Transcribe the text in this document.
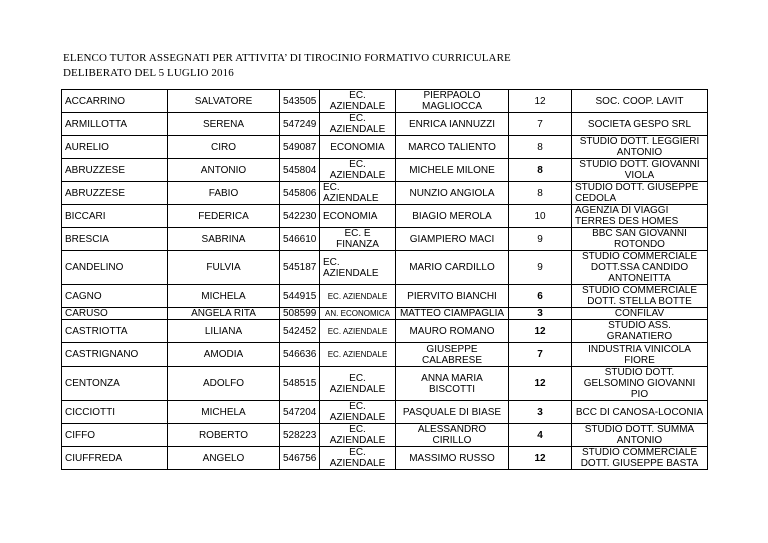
ELENCO TUTOR ASSEGNATI PER ATTIVITA’ DI TIROCINIO FORMATIVO CURRICULARE
DELIBERATO DEL 5 LUGLIO 2016
ACCARRINO	SALVATORE	543505	EC. AZIENDALE	PIERPAOLO MAGLIOCCA	12	SOC. COOP. LAVIT
ARMILLOTTA	SERENA	547249	EC. AZIENDALE	ENRICA IANNUZZI	7	SOCIETA GESPO SRL
AURELIO	CIRO	549087	ECONOMIA	MARCO TALIENTO	8	STUDIO DOTT. LEGGIERI ANTONIO
ABRUZZESE	ANTONIO	545804	EC. AZIENDALE	MICHELE MILONE	8	STUDIO DOTT. GIOVANNI VIOLA
ABRUZZESE	FABIO	545806	EC. AZIENDALE	NUNZIO ANGIOLA	8	STUDIO DOTT. GIUSEPPE CEDOLA
BICCARI	FEDERICA	542230	ECONOMIA	BIAGIO MEROLA	10	AGENZIA DI VIAGGI TERRES DES HOMES
BRESCIA	SABRINA	546610	EC. E FINANZA	GIAMPIERO MACI	9	BBC SAN GIOVANNI ROTONDO
CANDELINO	FULVIA	545187	EC. AZIENDALE	MARIO CARDILLO	9	STUDIO COMMERCIALE DOTT.SSA CANDIDO ANTONEITTA
CAGNO	MICHELA	544915	EC. AZIENDALE	PIERVITO BIANCHI	6	STUDIO COMMERCIALE DOTT. STELLA BOTTE
CARUSO	ANGELA RITA	508599	AN. ECONOMICA	MATTEO CIAMPAGLIA	3	CONFILAV
CASTRIOTTA	LILIANA	542452	EC. AZIENDALE	MAURO ROMANO	12	STUDIO ASS. GRANATIERO
CASTRIGNANO	AMODIA	546636	EC. AZIENDALE	GIUSEPPE CALABRESE	7	INDUSTRIA VINICOLA FIORE
CENTONZA	ADOLFO	548515	EC. AZIENDALE	ANNA MARIA BISCOTTI	12	STUDIO DOTT. GELSOMINO GIOVANNI PIO
CICCIOTTI	MICHELA	547204	EC. AZIENDALE	PASQUALE DI BIASE	3	BCC DI CANOSA-LOCONIA
CIFFO	ROBERTO	528223	EC. AZIENDALE	ALESSANDRO CIRILLO	4	STUDIO DOTT. SUMMA ANTONIO
CIUFFREDA	ANGELO	546756	EC. AZIENDALE	MASSIMO RUSSO	12	STUDIO COMMERCIALE DOTT. GIUSEPPE BASTA
